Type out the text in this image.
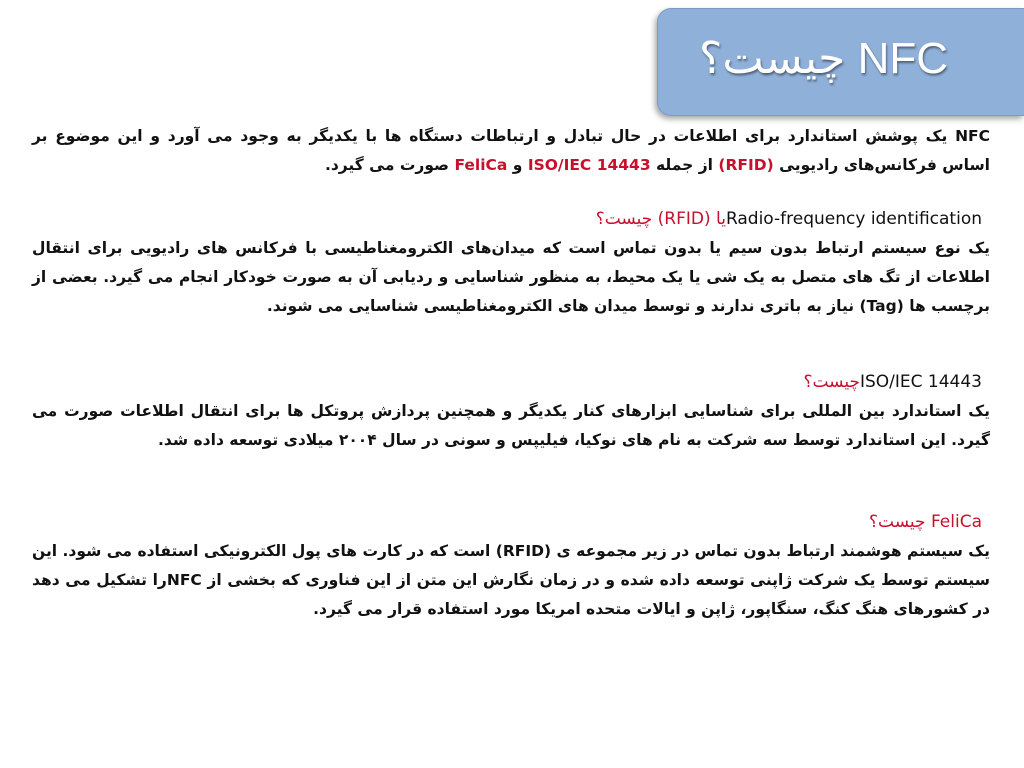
NFC چیست؟

NFC یک پوشش استاندارد برای اطلاعات در حال تبادل و ارتباطات دستگاه ها با یکدیگر به وجود می آورد و این موضوع بر اساس فرکانس‌های رادیویی (RFID) از جمله ISO/IEC 14443 و FeliCa صورت می گیرد.

Radio-frequency identificationیا (RFID) چیست؟

یک نوع سیستم ارتباط بدون سیم یا بدون تماس است که میدان‌های الکترومغناطیسی با فرکانس های رادیویی برای انتقال اطلاعات از تگ های متصل به یک شی یا یک محیط، به منظور شناسایی و ردیابی آن به صورت خودکار انجام می گیرد. بعضی از برچسب ها (Tag) نیاز به باتری ندارند و توسط میدان های الکترومغناطیسی شناسایی می شوند.

ISO/IEC 14443چیست؟

یک استاندارد بین المللی برای شناسایی ابزارهای کنار یکدیگر و همچنین پردازش پروتکل ها برای انتقال اطلاعات صورت می گیرد. این استاندارد توسط سه شرکت به نام های نوکیا، فیلیپس و سونی در سال ۲۰۰۴ میلادی توسعه داده شد.

FeliCa چیست؟

یک سیستم هوشمند ارتباط بدون تماس در زیر مجموعه ی (RFID) است که در کارت های پول الکترونیکی استفاده می شود. این سیستم توسط یک شرکت ژاپنی توسعه داده شده و در زمان نگارش این متن از این فناوری که بخشی از NFCرا تشکیل می دهد در کشورهای هنگ کنگ، سنگاپور، ژاپن و ایالات متحده امریکا مورد استفاده قرار می گیرد.
